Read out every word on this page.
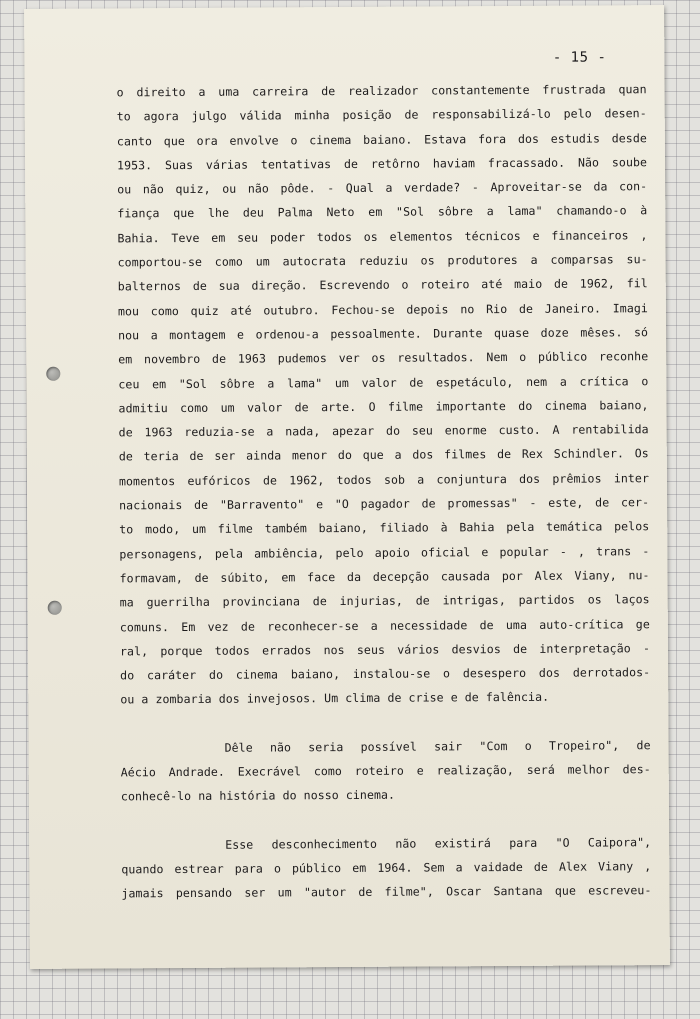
- 15 -
o direito a uma carreira de realizador constantemente frustrada quan
to agora julgo válida minha posição de responsabilizá-lo pelo desen-
canto que ora envolve o cinema baiano. Estava fora dos estudis desde
1953. Suas várias tentativas de retôrno haviam fracassado. Não soube
ou não quiz, ou não pôde. - Qual a verdade? - Aproveitar-se da con-
fiança que lhe deu Palma Neto em "Sol sôbre a lama" chamando-o à
Bahia. Teve em seu poder todos os elementos técnicos e financeiros ,
comportou-se como um autocrata reduziu os produtores a comparsas su-
balternos de sua direção. Escrevendo o roteiro até maio de 1962, fil
mou como quiz até outubro. Fechou-se depois no Rio de Janeiro. Imagi
nou a montagem e ordenou-a pessoalmente. Durante quase doze mêses. só
em novembro de 1963 pudemos ver os resultados. Nem o público reconhe
ceu em "Sol sôbre a lama" um valor de espetáculo, nem a crítica o
admitiu como um valor de arte. O filme importante do cinema baiano,
de 1963 reduzia-se a nada, apezar do seu enorme custo. A rentabilida
de teria de ser ainda menor do que a dos filmes de Rex Schindler. Os
momentos eufóricos de 1962, todos sob a conjuntura dos prêmios inter
nacionais de "Barravento" e "O pagador de promessas" - este, de cer-
to modo, um filme também baiano, filiado à Bahia pela temática pelos
personagens, pela ambiência, pelo apoio oficial e popular - , trans -
formavam, de súbito, em face da decepção causada por Alex Viany, nu-
ma guerrilha provinciana de injurias, de intrigas, partidos os laços
comuns. Em vez de reconhecer-se a necessidade de uma auto-crítica ge
ral, porque todos errados nos seus vários desvios de interpretação -
do caráter do cinema baiano, instalou-se o desespero dos derrotados-
ou a zombaria dos invejosos. Um clima de crise e de falência.
Dêle não seria possível sair "Com o Tropeiro", de
Aécio Andrade. Execrável como roteiro e realização, será melhor des-
conhecê-lo na história do nosso cinema.
Esse desconhecimento não existirá para "O Caipora",
quando estrear para o público em 1964. Sem a vaidade de Alex Viany ,
jamais pensando ser um "autor de filme", Oscar Santana que escreveu-
